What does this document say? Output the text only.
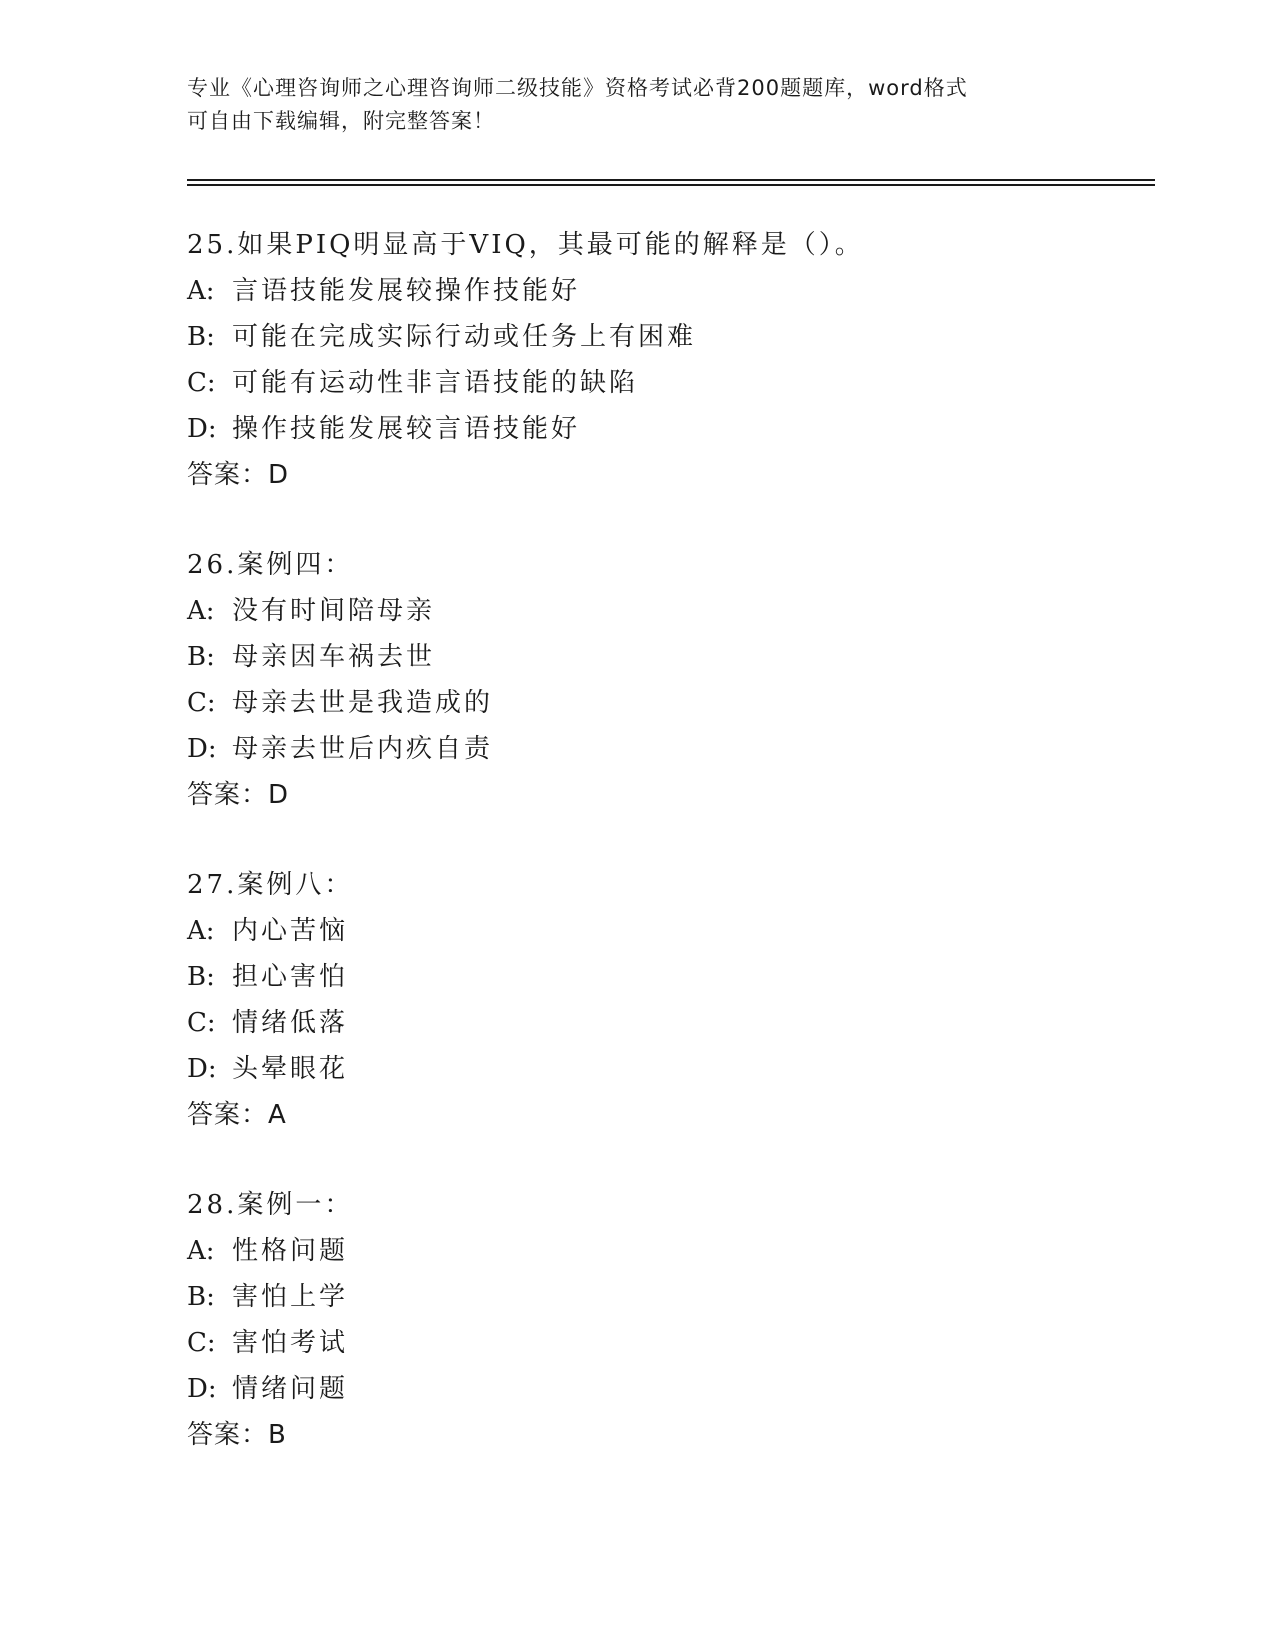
专业《心理咨询师之心理咨询师二级技能》资格考试必背200题题库，word格式
可自由下载编辑，附完整答案！
25.如果PIQ明显高于VIQ，其最可能的解释是（）。
A: 言语技能发展较操作技能好
B: 可能在完成实际行动或任务上有困难
C: 可能有运动性非言语技能的缺陷
D: 操作技能发展较言语技能好
答案：D
26.案例四：
A: 没有时间陪母亲
B: 母亲因车祸去世
C: 母亲去世是我造成的
D: 母亲去世后内疚自责
答案：D
27.案例八：
A: 内心苦恼
B: 担心害怕
C: 情绪低落
D: 头晕眼花
答案：A
28.案例一：
A: 性格问题
B: 害怕上学
C: 害怕考试
D: 情绪问题
答案：B
